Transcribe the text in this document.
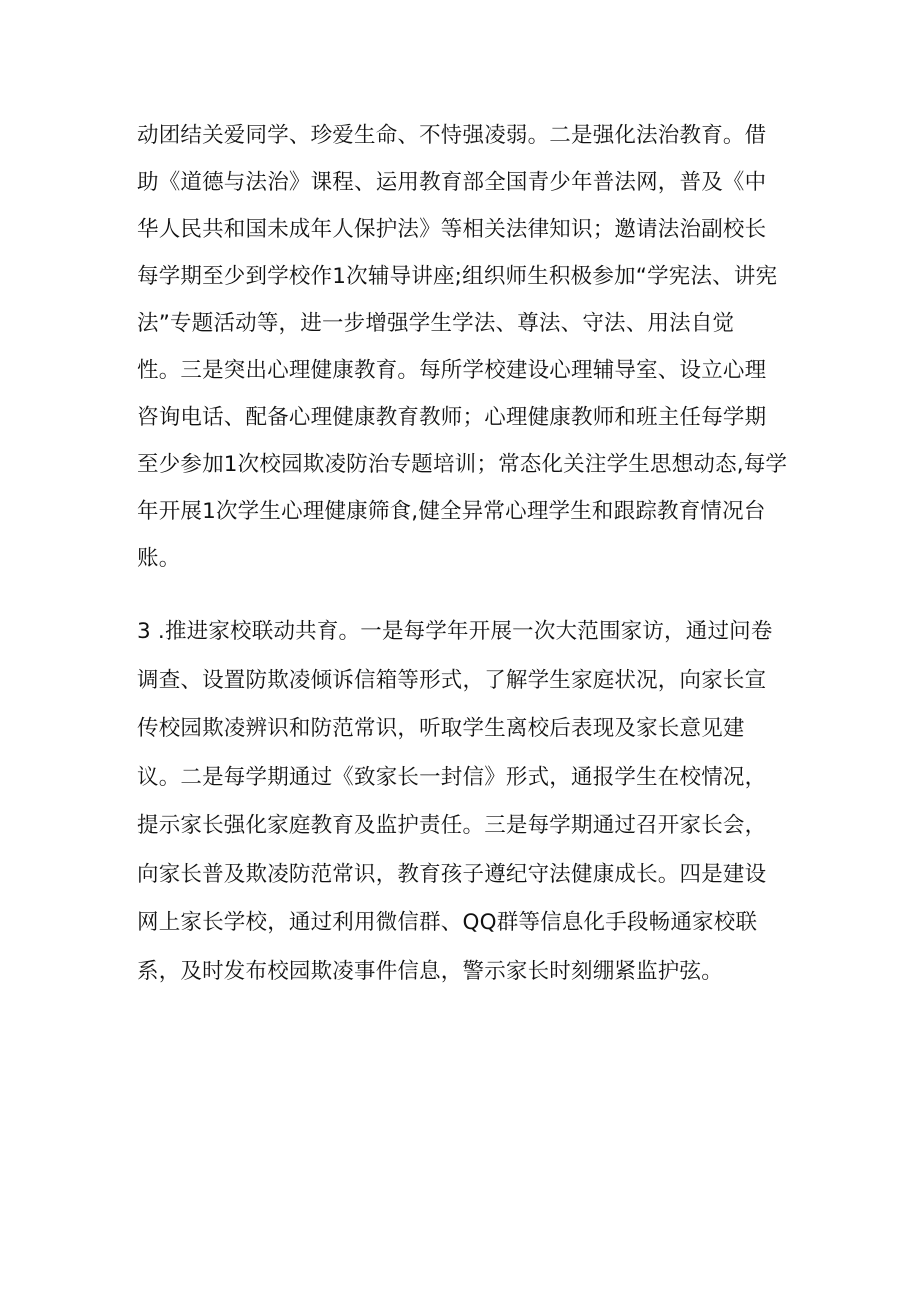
动团结关爱同学、珍爱生命、不恃强凌弱。二是强化法治教育。借
助《道德与法治》课程、运用教育部全国青少年普法网，普及《中
华人民共和国未成年人保护法》等相关法律知识；邀请法治副校长
每学期至少到学校作1次辅导讲座;组织师生积极参加“学宪法、讲宪
法”专题活动等，进一步增强学生学法、尊法、守法、用法自觉
性。三是突出心理健康教育。每所学校建设心理辅导室、设立心理
咨询电话、配备心理健康教育教师；心理健康教师和班主任每学期
至少参加1次校园欺凌防治专题培训；常态化关注学生思想动态,每学
年开展1次学生心理健康筛食,健全异常心理学生和跟踪教育情况台
账。
3 .推进家校联动共育。一是每学年开展一次大范围家访，通过问卷
调查、设置防欺凌倾诉信箱等形式，了解学生家庭状况，向家长宣
传校园欺凌辨识和防范常识，听取学生离校后表现及家长意见建
议。二是每学期通过《致家长一封信》形式，通报学生在校情况，
提示家长强化家庭教育及监护责任。三是每学期通过召开家长会，
向家长普及欺凌防范常识，教育孩子遵纪守法健康成长。四是建设
网上家长学校，通过利用微信群、QQ群等信息化手段畅通家校联
系，及时发布校园欺凌事件信息，警示家长时刻绷紧监护弦。
